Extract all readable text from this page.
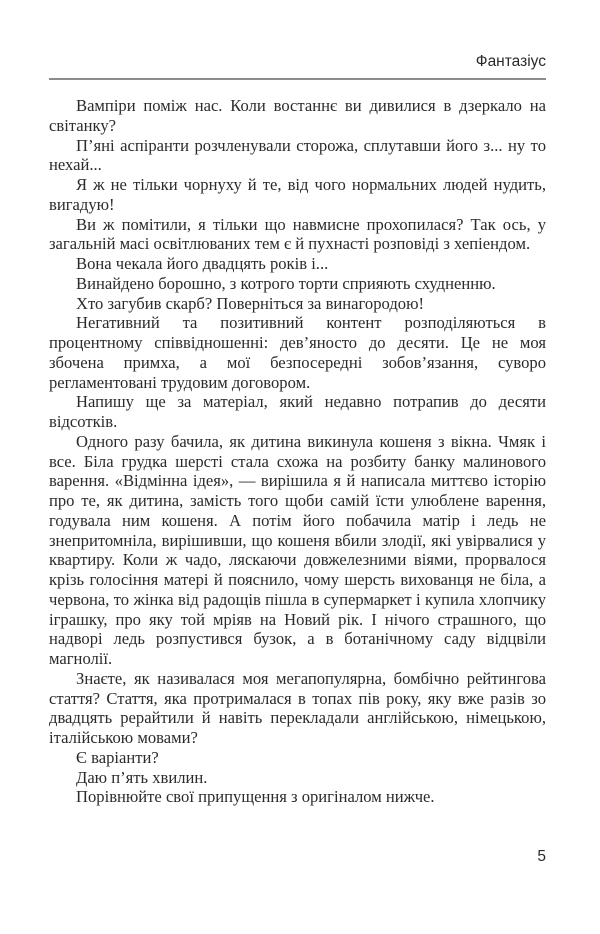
Фантазіус

Вампіри поміж нас. Коли востаннє ви дивилися в дзеркало на світанку?

П’яні аспіранти розчленували сторожа, сплутавши його з... ну то нехай...

Я ж не тільки чорнуху й те, від чого нормальних людей нудить, вигадую!

Ви ж помітили, я тільки що навмисне прохопилася? Так ось, у загальній масі освітлюваних тем є й пухнасті розповіді з хепіендом.

Вона чекала його двадцять років і...

Винайдено борошно, з котрого торти сприяють схудненню.

Хто загубив скарб? Поверніться за винагородою!

Негативний та позитивний контент розподіляються в процентному співвідношенні: дев’яносто до десяти. Це не моя збочена примха, а мої безпосередні зобов’язання, суворо регламентовані трудовим договором.

Напишу ще за матеріал, який недавно потрапив до десяти відсотків.

Одного разу бачила, як дитина викинула кошеня з вікна. Чмяк і все. Біла грудка шерсті стала схожа на розбиту банку малинового варення. «Відмінна ідея», — вирішила я й написала миттєво історію про те, як дитина, замість того щоби самій їсти улюблене варення, годувала ним кошеня. А потім його побачила матір і ледь не знепритомніла, вирішивши, що кошеня вбили злодії, які увірвалися у квартиру. Коли ж чадо, ляскаючи довжелезними віями, прорвалося крізь голосіння матері й пояснило, чому шерсть вихованця не біла, а червона, то жінка від радощів пішла в супермаркет і купила хлопчику іграшку, про яку той мріяв на Новий рік. І нічого страшного, що надворі ледь розпустився бузок, а в ботанічному саду відцвіли магнолії.

Знаєте, як називалася моя мегапопулярна, бомбічно рейтингова стаття? Стаття, яка протрималася в топах пів року, яку вже разів зо двадцять рерайтили й навіть перекладали англійською, німецькою, італійською мовами?

Є варіанти?

Даю п’ять хвилин.

Порівнюйте свої припущення з оригіналом нижче.

5
